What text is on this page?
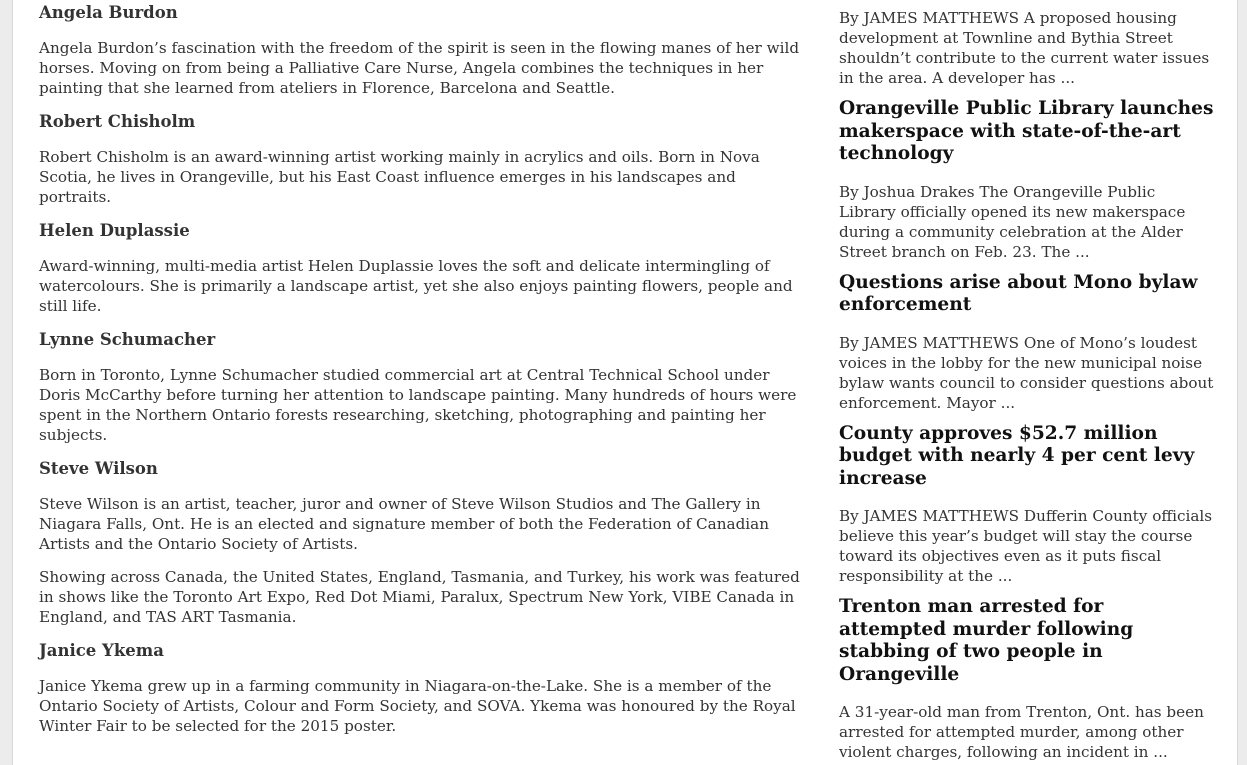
Angela Burdon

Angela Burdon’s fascination with the freedom of the spirit is seen in the flowing manes of her wild horses. Moving on from being a Palliative Care Nurse, Angela combines the techniques in her painting that she learned from ateliers in Florence, Barcelona and Seattle.

Robert Chisholm

Robert Chisholm is an award-winning artist working mainly in acrylics and oils. Born in Nova Scotia, he lives in Orangeville, but his East Coast influence emerges in his landscapes and portraits.

Helen Duplassie

Award-winning, multi-media artist Helen Duplassie loves the soft and delicate intermingling of watercolours. She is primarily a landscape artist, yet she also enjoys painting flowers, people and still life.

Lynne Schumacher

Born in Toronto, Lynne Schumacher studied commercial art at Central Technical School under Doris McCarthy before turning her attention to landscape painting. Many hundreds of hours were spent in the Northern Ontario forests researching, sketching, photographing and painting her subjects.

Steve Wilson

Steve Wilson is an artist, teacher, juror and owner of Steve Wilson Studios and The Gallery in Niagara Falls, Ont. He is an elected and signature member of both the Federation of Canadian Artists and the Ontario Society of Artists.

Showing across Canada, the United States, England, Tasmania, and Turkey, his work was featured in shows like the Toronto Art Expo, Red Dot Miami, Paralux, Spectrum New York, VIBE Canada in England, and TAS ART Tasmania.

Janice Ykema

Janice Ykema grew up in a farming community in Niagara-on-the-Lake. She is a member of the Ontario Society of Artists, Colour and Form Society, and SOVA. Ykema was honoured by the Royal Winter Fair to be selected for the 2015 poster.

By JAMES MATTHEWS A proposed housing development at Townline and Bythia Street shouldn’t contribute to the current water issues in the area. A developer has ...

Orangeville Public Library launches makerspace with state-of-the-art technology

By Joshua Drakes The Orangeville Public Library officially opened its new makerspace during a community celebration at the Alder Street branch on Feb. 23. The ...

Questions arise about Mono bylaw enforcement

By JAMES MATTHEWS One of Mono’s loudest voices in the lobby for the new municipal noise bylaw wants council to consider questions about enforcement. Mayor ...

County approves $52.7 million budget with nearly 4 per cent levy increase

By JAMES MATTHEWS Dufferin County officials believe this year’s budget will stay the course toward its objectives even as it puts fiscal responsibility at the ...

Trenton man arrested for attempted murder following stabbing of two people in Orangeville

A 31-year-old man from Trenton, Ont. has been arrested for attempted murder, among other violent charges, following an incident in ...
